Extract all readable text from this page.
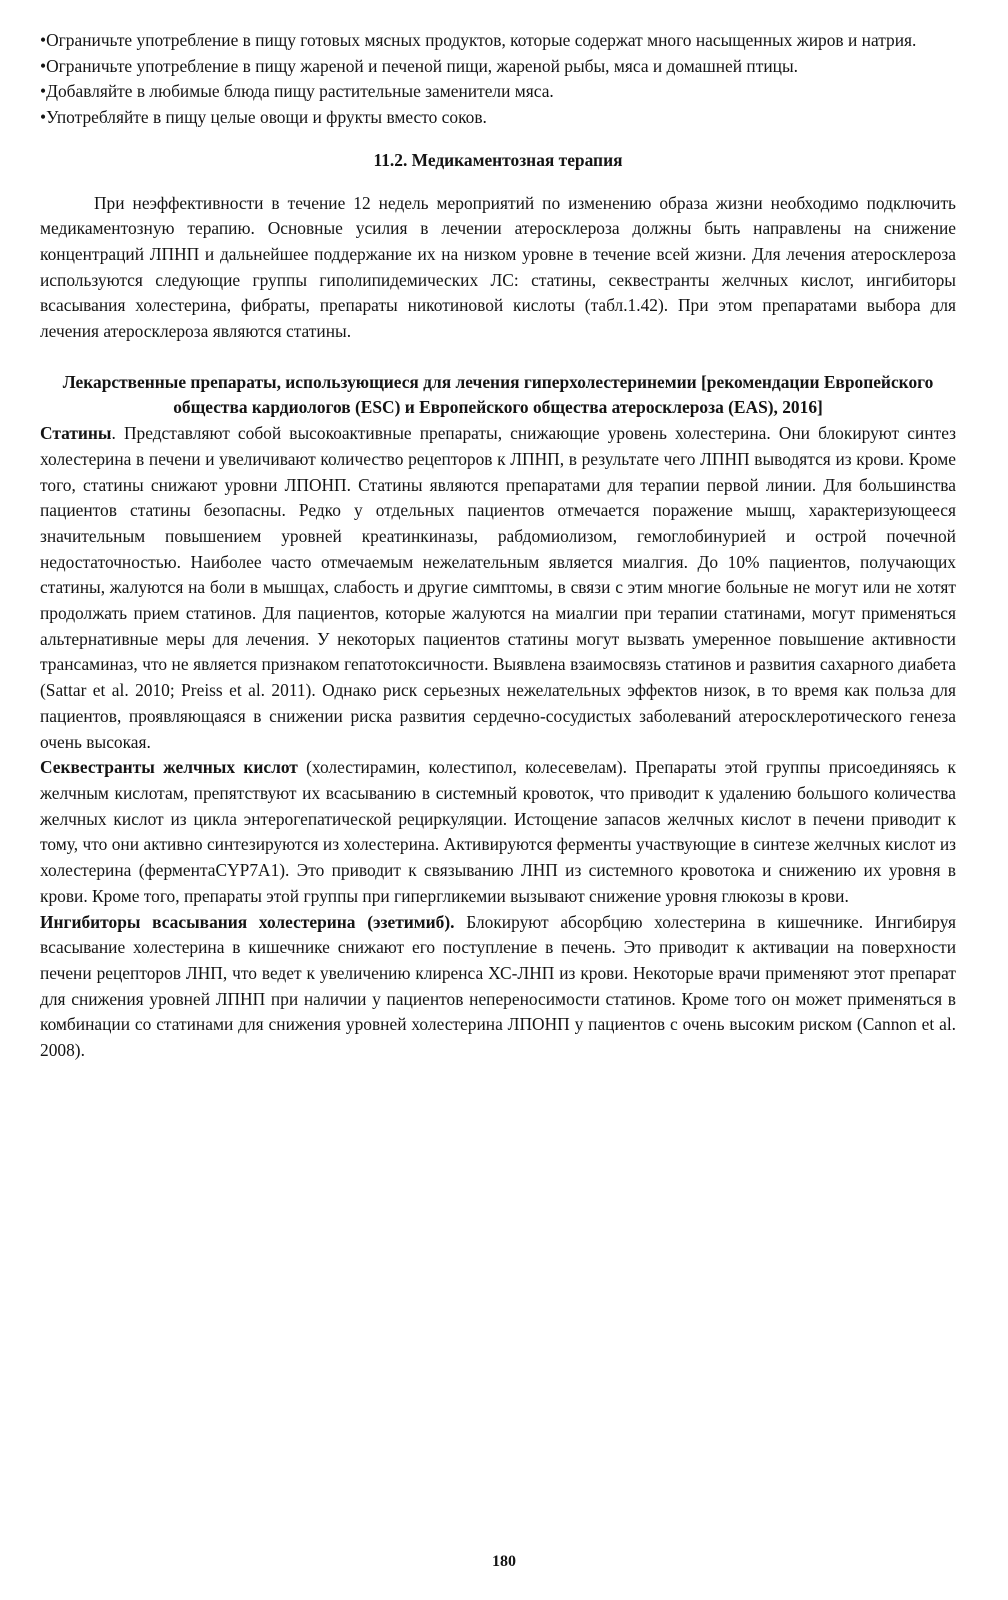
• Ограничьте употребление в пищу готовых мясных продуктов, которые содержат много насыщенных жиров и натрия.
• Ограничьте употребление в пищу жареной и печеной пищи, жареной рыбы, мяса и домашней птицы.
• Добавляйте в любимые блюда пищу растительные заменители мяса.
• Употребляйте в пищу целые овощи и фрукты вместо соков.
11.2. Медикаментозная терапия

При неэффективности в течение 12 недель мероприятий по изменению образа жизни необходимо подключить медикаментозную терапию. Основные усилия в лечении атеросклероза должны быть направлены на снижение концентраций ЛПНП и дальнейшее поддержание их на низком уровне в течение всей жизни. Для лечения атеросклероза используются следующие группы гиполипидемических ЛС: статины, секвестранты желчных кислот, ингибиторы всасывания холестерина, фибраты, препараты никотиновой кислоты (табл.1.42). При этом препаратами выбора для лечения атеросклероза являются статины.

Лекарственные препараты, использующиеся для лечения гиперхолестеринемии [рекомендации Европейского общества кардиологов (ESC) и Европейского общества атеросклероза (EAS), 2016]

Статины. Представляют собой высокоактивные препараты, снижающие уровень холестерина. Они блокируют синтез холестерина в печени и увеличивают количество рецепторов к ЛПНП, в результате чего ЛПНП выводятся из крови. Кроме того, статины снижают уровни ЛПОНП. Статины являются препаратами для терапии первой линии. Для большинства пациентов статины безопасны. Редко у отдельных пациентов отмечается поражение мышц, характеризующееся значительным повышением уровней креатинкиназы, рабдомиолизом, гемоглобинурией и острой почечной недостаточностью. Наиболее часто отмечаемым нежелательным является миалгия. До 10% пациентов, получающих статины, жалуются на боли в мышцах, слабость и другие симптомы, в связи с этим многие больные не могут или не хотят продолжать прием статинов. Для пациентов, которые жалуются на миалгии при терапии статинами, могут применяться альтернативные меры для лечения. У некоторых пациентов статины могут вызвать умеренное повышение активности трансаминаз, что не является признаком гепатотоксичности. Выявлена взаимосвязь статинов и развития сахарного диабета (Sattar et al. 2010; Preiss et al. 2011). Однако риск серьезных нежелательных эффектов низок, в то время как польза для пациентов, проявляющаяся в снижении риска развития сердечно-сосудистых заболеваний атеросклеротического генеза очень высокая.

Секвестранты желчных кислот (холестирамин, колестипол, колесевелам). Препараты этой группы присоединяясь к желчным кислотам, препятствуют их всасыванию в системный кровоток, что приводит к удалению большого количества желчных кислот из цикла энтерогепатической рециркуляции. Истощение запасов желчных кислот в печени приводит к тому, что они активно синтезируются из холестерина. Активируются ферменты участвующие в синтезе желчных кислот из холестерина (ферментаCYP7A1). Это приводит к связыванию ЛНП из системного кровотока и снижению их уровня в крови. Кроме того, препараты этой группы при гипергликемии вызывают снижение уровня глюкозы в крови.

Ингибиторы всасывания холестерина (эзетимиб). Блокируют абсорбцию холестерина в кишечнике. Ингибируя всасывание холестерина в кишечнике снижают его поступление в печень. Это приводит к активации на поверхности печени рецепторов ЛНП, что ведет к увеличению клиренса ХС-ЛНП из крови. Некоторые врачи применяют этот препарат для снижения уровней ЛПНП при наличии у пациентов непереносимости статинов. Кроме того он может применяться в комбинации со статинами для снижения уровней холестерина ЛПОНП у пациентов с очень высоким риском (Cannon et al. 2008).

180
